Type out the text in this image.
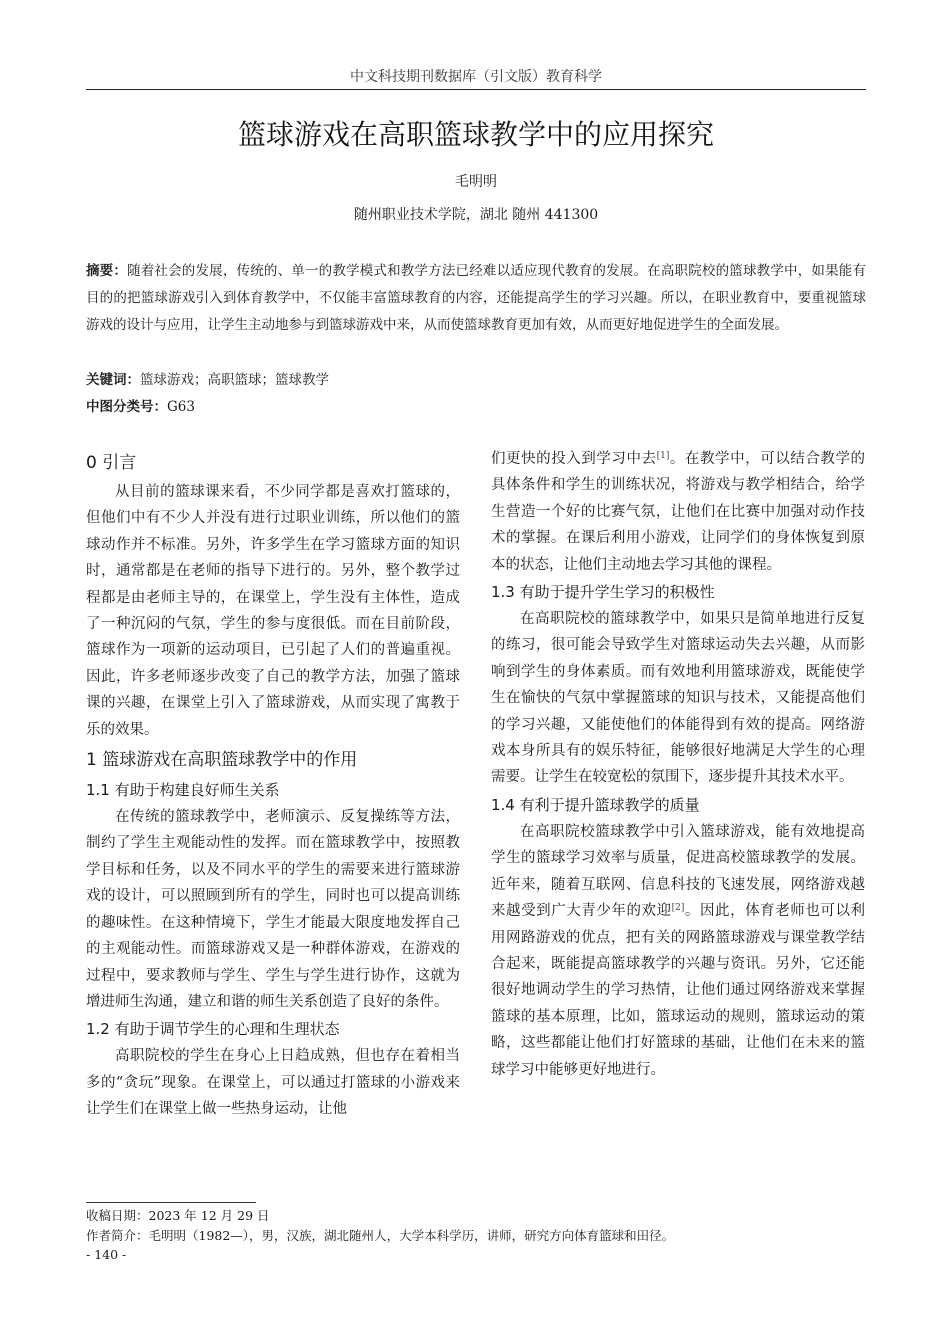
中文科技期刊数据库（引文版）教育科学
篮球游戏在高职篮球教学中的应用探究
毛明明
随州职业技术学院，湖北 随州 441300
摘要：随着社会的发展，传统的、单一的教学模式和教学方法已经难以适应现代教育的发展。在高职院校的篮球教学中，如果能有目的的把篮球游戏引入到体育教学中，不仅能丰富篮球教育的内容，还能提高学生的学习兴趣。所以，在职业教育中，要重视篮球游戏的设计与应用，让学生主动地参与到篮球游戏中来，从而使篮球教育更加有效，从而更好地促进学生的全面发展。
关键词：篮球游戏；高职篮球；篮球教学
中图分类号：G63
0 引言

从目前的篮球课来看，不少同学都是喜欢打篮球的，但他们中有不少人并没有进行过职业训练，所以他们的篮球动作并不标准。另外，许多学生在学习篮球方面的知识时，通常都是在老师的指导下进行的。另外，整个教学过程都是由老师主导的，在课堂上，学生没有主体性，造成了一种沉闷的气氛，学生的参与度很低。而在目前阶段，篮球作为一项新的运动项目，已引起了人们的普遍重视。因此，许多老师逐步改变了自己的教学方法，加强了篮球课的兴趣，在课堂上引入了篮球游戏，从而实现了寓教于乐的效果。

1 篮球游戏在高职篮球教学中的作用
1.1 有助于构建良好师生关系

在传统的篮球教学中，老师演示、反复操练等方法，制约了学生主观能动性的发挥。而在篮球教学中，按照教学目标和任务，以及不同水平的学生的需要来进行篮球游戏的设计，可以照顾到所有的学生，同时也可以提高训练的趣味性。在这种情境下，学生才能最大限度地发挥自己的主观能动性。而篮球游戏又是一种群体游戏，在游戏的过程中，要求教师与学生、学生与学生进行协作，这就为增进师生沟通，建立和谐的师生关系创造了良好的条件。

1.2 有助于调节学生的心理和生理状态

高职院校的学生在身心上日趋成熟，但也存在着相当多的“贪玩”现象。在课堂上，可以通过打篮球的小游戏来让学生们在课堂上做一些热身运动，让他

们更快的投入到学习中去[1]。在教学中，可以结合教学的具体条件和学生的训练状况，将游戏与教学相结合，给学生营造一个好的比赛气氛，让他们在比赛中加强对动作技术的掌握。在课后利用小游戏，让同学们的身体恢复到原本的状态，让他们主动地去学习其他的课程。

1.3 有助于提升学生学习的积极性

在高职院校的篮球教学中，如果只是简单地进行反复的练习，很可能会导致学生对篮球运动失去兴趣，从而影响到学生的身体素质。而有效地利用篮球游戏，既能使学生在愉快的气氛中掌握篮球的知识与技术，又能提高他们的学习兴趣，又能使他们的体能得到有效的提高。网络游戏本身所具有的娱乐特征，能够很好地满足大学生的心理需要。让学生在较宽松的氛围下，逐步提升其技术水平。

1.4 有利于提升篮球教学的质量

在高职院校篮球教学中引入篮球游戏，能有效地提高学生的篮球学习效率与质量，促进高校篮球教学的发展。近年来，随着互联网、信息科技的飞速发展，网络游戏越来越受到广大青少年的欢迎[2]。因此，体育老师也可以利用网路游戏的优点，把有关的网路篮球游戏与课堂教学结合起来，既能提高篮球教学的兴趣与资讯。另外，它还能很好地调动学生的学习热情，让他们通过网络游戏来掌握篮球的基本原理，比如，篮球运动的规则，篮球运动的策略，这些都能让他们打好篮球的基础，让他们在未来的篮球学习中能够更好地进行。

收稿日期：2023 年 12 月 29 日
作者简介：毛明明（1982—），男，汉族，湖北随州人，大学本科学历，讲师，研究方向体育篮球和田径。
- 140 -
